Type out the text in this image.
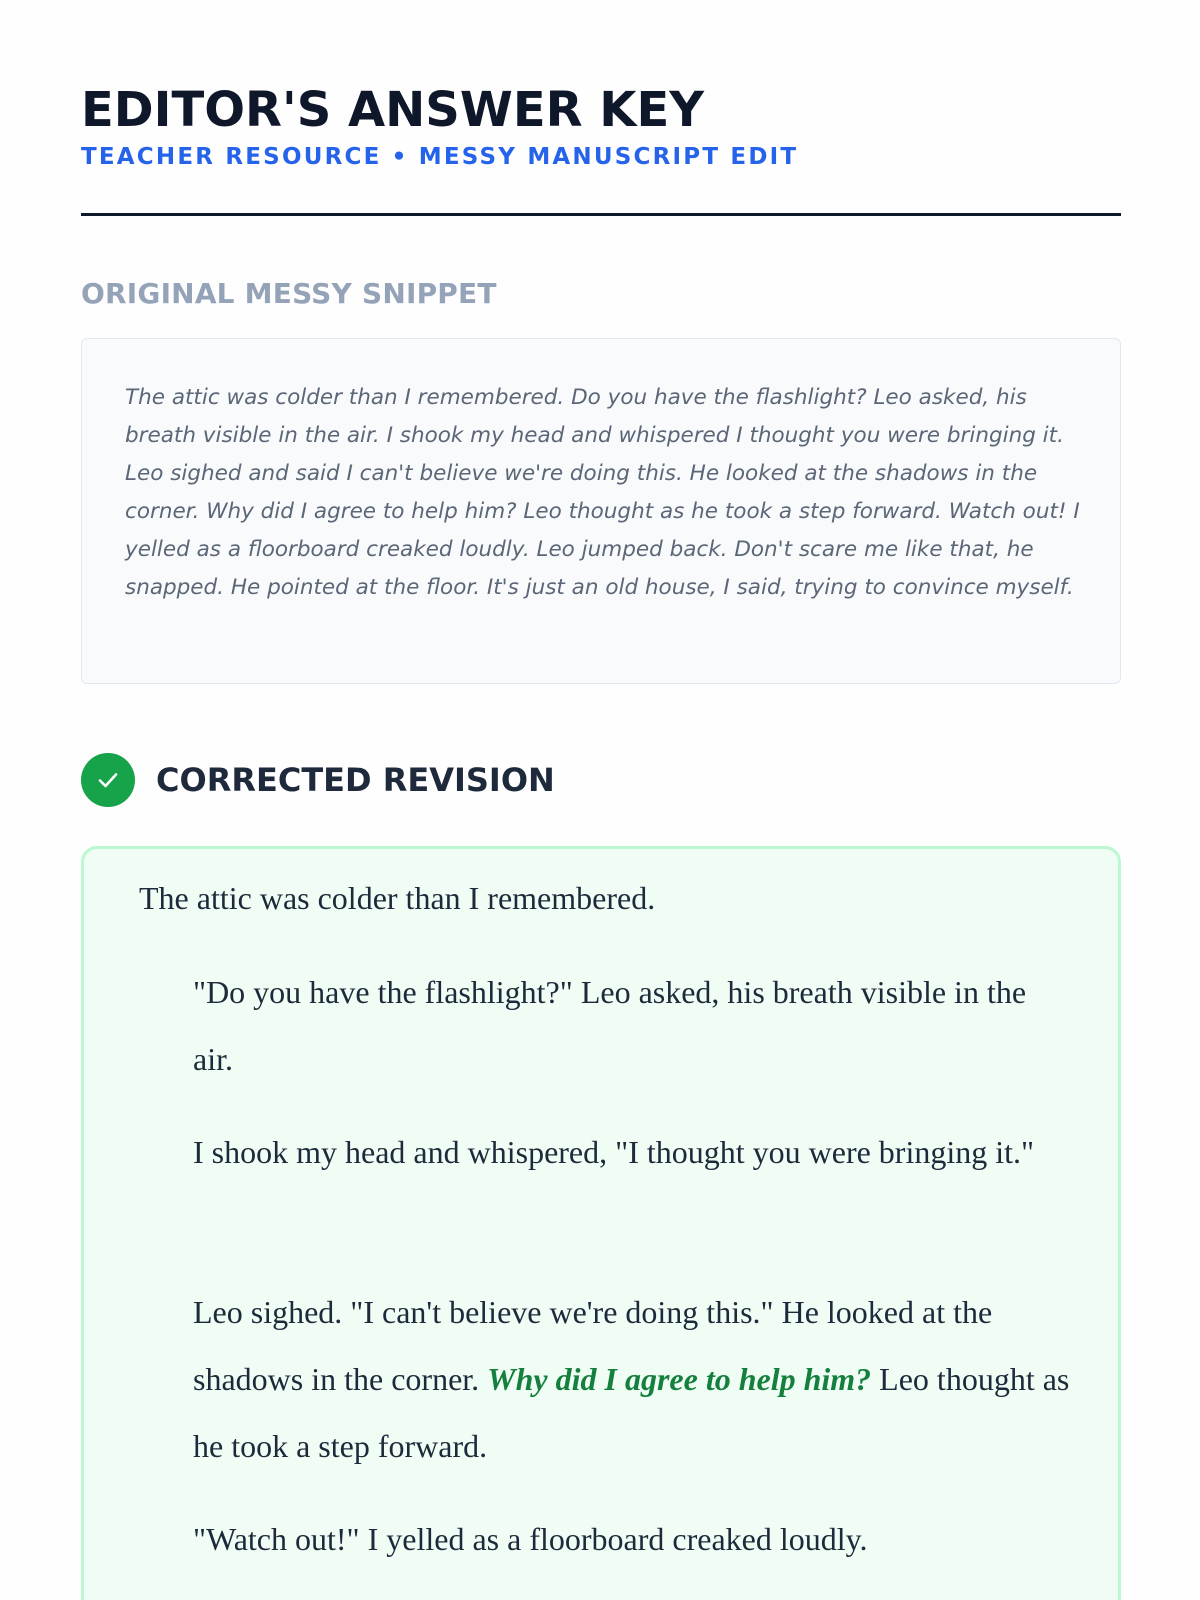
EDITOR'S ANSWER KEY
TEACHER RESOURCE • MESSY MANUSCRIPT EDIT
ORIGINAL MESSY SNIPPET

The attic was colder than I remembered. Do you have the flashlight? Leo asked, his breath visible in the air. I shook my head and whispered I thought you were bringing it. Leo sighed and said I can't believe we're doing this. He looked at the shadows in the corner. Why did I agree to help him? Leo thought as he took a step forward. Watch out! I yelled as a floorboard creaked loudly. Leo jumped back. Don't scare me like that, he snapped. He pointed at the floor. It's just an old house, I said, trying to convince myself.

CORRECTED REVISION

The attic was colder than I remembered.

"Do you have the flashlight?" Leo asked, his breath visible in the air.

I shook my head and whispered, "I thought you were bringing it."

Leo sighed. "I can't believe we're doing this." He looked at the shadows in the corner. Why did I agree to help him? Leo thought as he took a step forward.

"Watch out!" I yelled as a floorboard creaked loudly.
